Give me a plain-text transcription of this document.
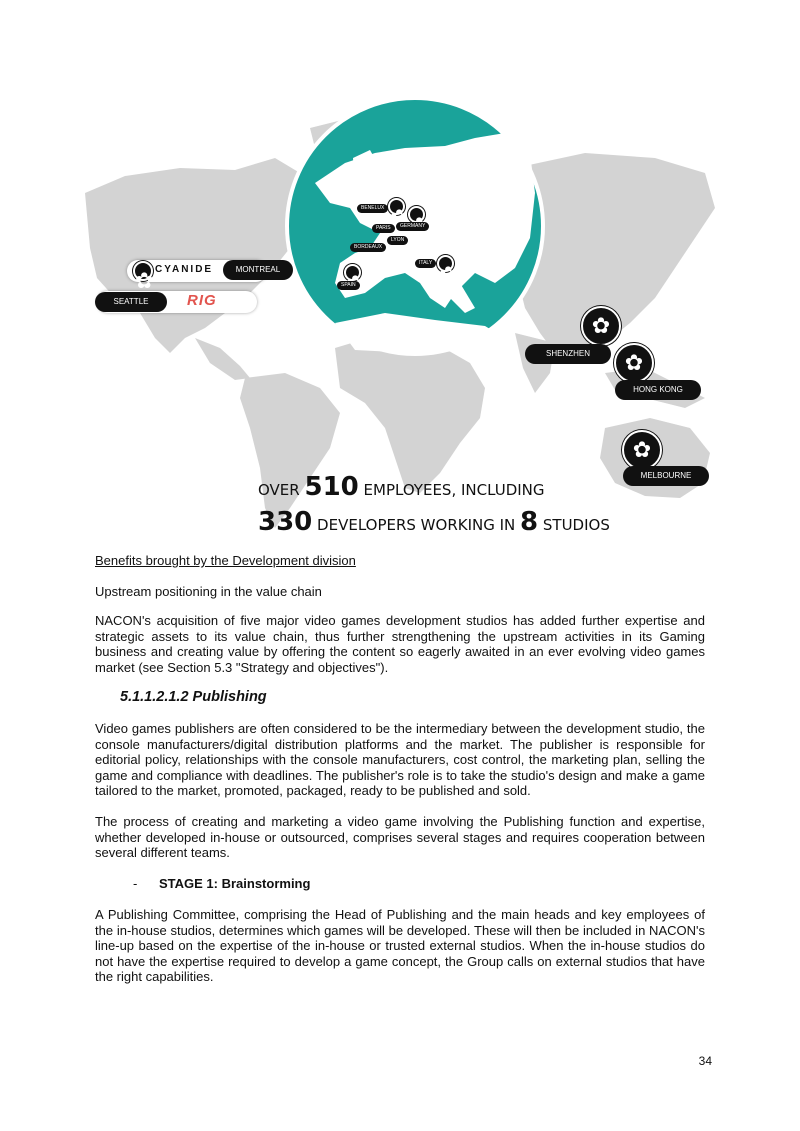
✿
CYANIDE	MONTREAL
SEATTLE	RIG
BENELUX
✿
✿
GERMANY
PARIS
LYON
BORDEAUX
ITALY
✿
✿
SPAIN
✿
SHENZHEN
✿
HONG KONG
✿
MELBOURNE
OVER 510 EMPLOYEES, INCLUDING
330 DEVELOPERS WORKING IN 8 STUDIOS
Benefits brought by the Development division
Upstream positioning in the value chain
NACON's acquisition of five major video games development studios has added further expertise and strategic assets to its value chain, thus further strengthening the upstream activities in its Gaming business and creating value by offering the content so eagerly awaited in an ever evolving video games market (see Section 5.3 "Strategy and objectives").
5.1.1.2.1.2 Publishing
Video games publishers are often considered to be the intermediary between the development studio, the console manufacturers/digital distribution platforms and the market. The publisher is responsible for editorial policy, relationships with the console manufacturers, cost control, the marketing plan, selling the game and compliance with deadlines. The publisher's role is to take the studio's design and make a game tailored to the market, promoted, packaged, ready to be published and sold.
The process of creating and marketing a video game involving the Publishing function and expertise, whether developed in-house or outsourced, comprises several stages and requires cooperation between several different teams.
- STAGE 1: Brainstorming
A Publishing Committee, comprising the Head of Publishing and the main heads and key employees of the in-house studios, determines which games will be developed. These will then be included in NACON's line-up based on the expertise of the in-house or trusted external studios. When the in-house studios do not have the expertise required to develop a game concept, the Group calls on external studios that have the right capabilities.
34
